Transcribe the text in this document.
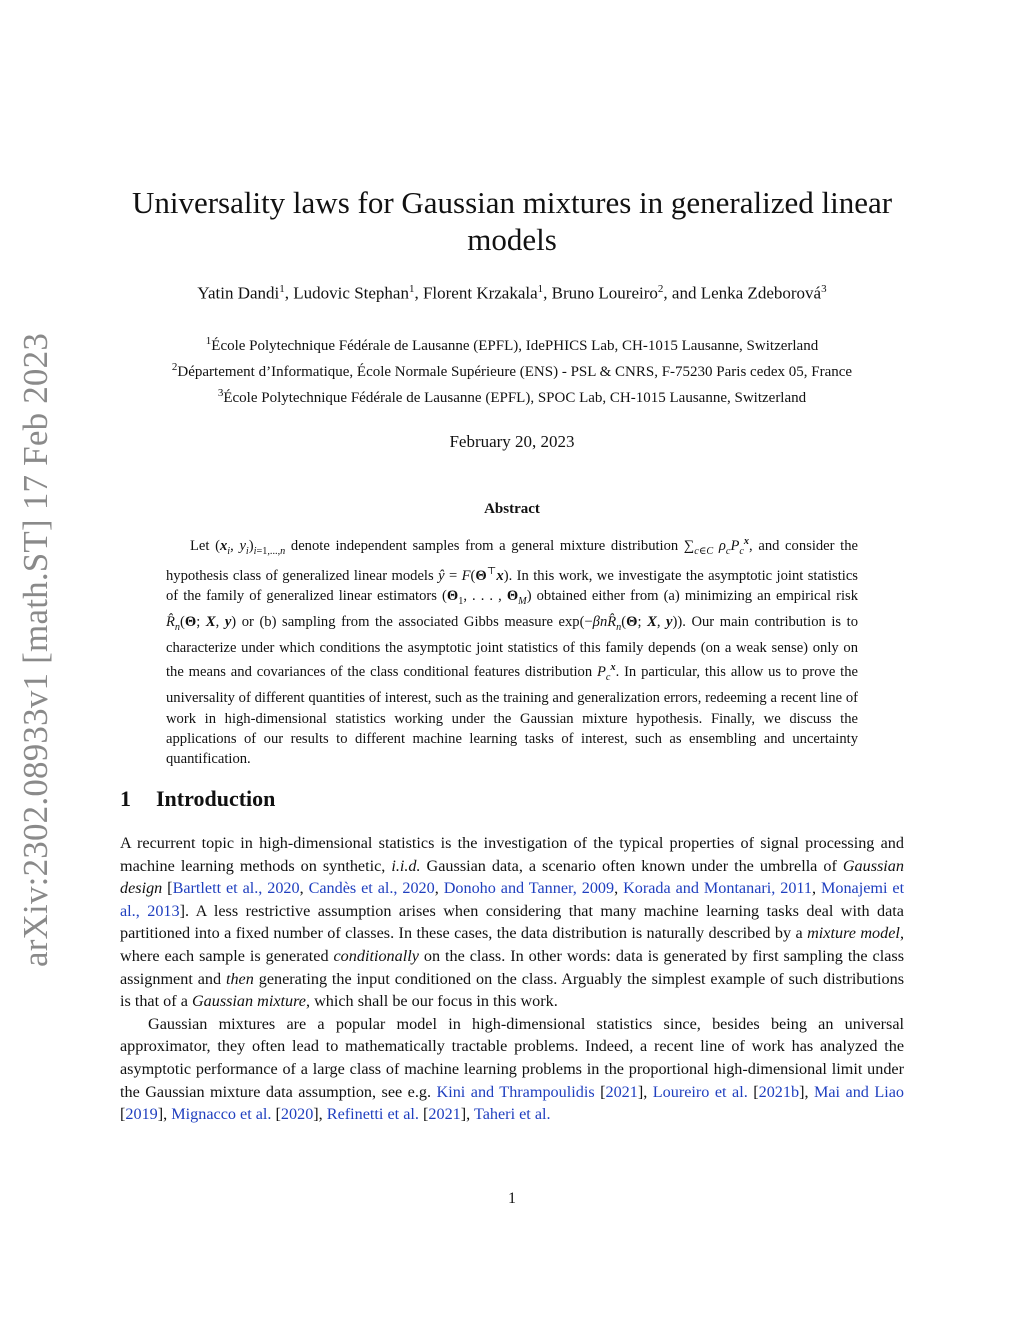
arXiv:2302.08933v1 [math.ST] 17 Feb 2023
Universality laws for Gaussian mixtures in generalized linear
models
Yatin Dandi$^1$, Ludovic Stephan$^1$, Florent Krzakala$^1$, Bruno Loureiro$^2$, and Lenka Zdeborová$^3$
$^1$École Polytechnique Fédérale de Lausanne (EPFL), IdePHICS Lab, CH-1015 Lausanne, Switzerland
$^2$Département d’Informatique, École Normale Supérieure (ENS) - PSL & CNRS, F-75230 Paris cedex 05, France
$^3$École Polytechnique Fédérale de Lausanne (EPFL), SPOC Lab, CH-1015 Lausanne, Switzerland
February 20, 2023
Abstract

Let ($x_i$, $y_i)_{i=1,...,n}$ denote independent samples from a general mixture distribution $\sum_{c\in C}$ $\rho_cP_c^x$, and consider the hypothesis class of generalized linear models ŷ = F(Θ⊤x). In this work, we investigate the asymptotic joint statistics of the family of generalized linear estimators ($\Theta_1$, . . . , $\Theta_M$) obtained either from (a) minimizing an empirical risk $R̂_n(\Theta$; X, y) or (b) sampling from the associated Gibbs measure $\exp(-\beta nR̂_n(\Theta$; X, y)). Our main contribution is to characterize under which conditions the asymptotic joint statistics of this family depends (on a weak sense) only on the means and covariances of the class conditional features distribution $P_c^x$. In particular, this allow us to prove the universality of different quantities of interest, such as the training and generalization errors, redeeming a recent line of work in high-dimensional statistics working under the Gaussian mixture hypothesis. Finally, we discuss the applications of our results to different machine learning tasks of interest, such as ensembling and uncertainty quantification.

1 Introduction

A recurrent topic in high-dimensional statistics is the investigation of the typical properties of signal processing and machine learning methods on synthetic, i.i.d. Gaussian data, a scenario often known under the umbrella of Gaussian design [Bartlett et al., 2020, Candès et al., 2020, Donoho and Tanner, 2009, Korada and Montanari, 2011, Monajemi et al., 2013]. A less restrictive assumption arises when considering that many machine learning tasks deal with data partitioned into a fixed number of classes. In these cases, the data distribution is naturally described by a mixture model, where each sample is generated conditionally on the class. In other words: data is generated by first sampling the class assignment and then generating the input conditioned on the class. Arguably the simplest example of such distributions is that of a Gaussian mixture, which shall be our focus in this work.

Gaussian mixtures are a popular model in high-dimensional statistics since, besides being an universal approximator, they often lead to mathematically tractable problems. Indeed, a recent line of work has analyzed the asymptotic performance of a large class of machine learning problems in the proportional high-dimensional limit under the Gaussian mixture data assumption, see e.g. Kini and Thrampoulidis [2021], Loureiro et al. [2021b], Mai and Liao [2019], Mignacco et al. [2020], Refinetti et al. [2021], Taheri et al.

1
